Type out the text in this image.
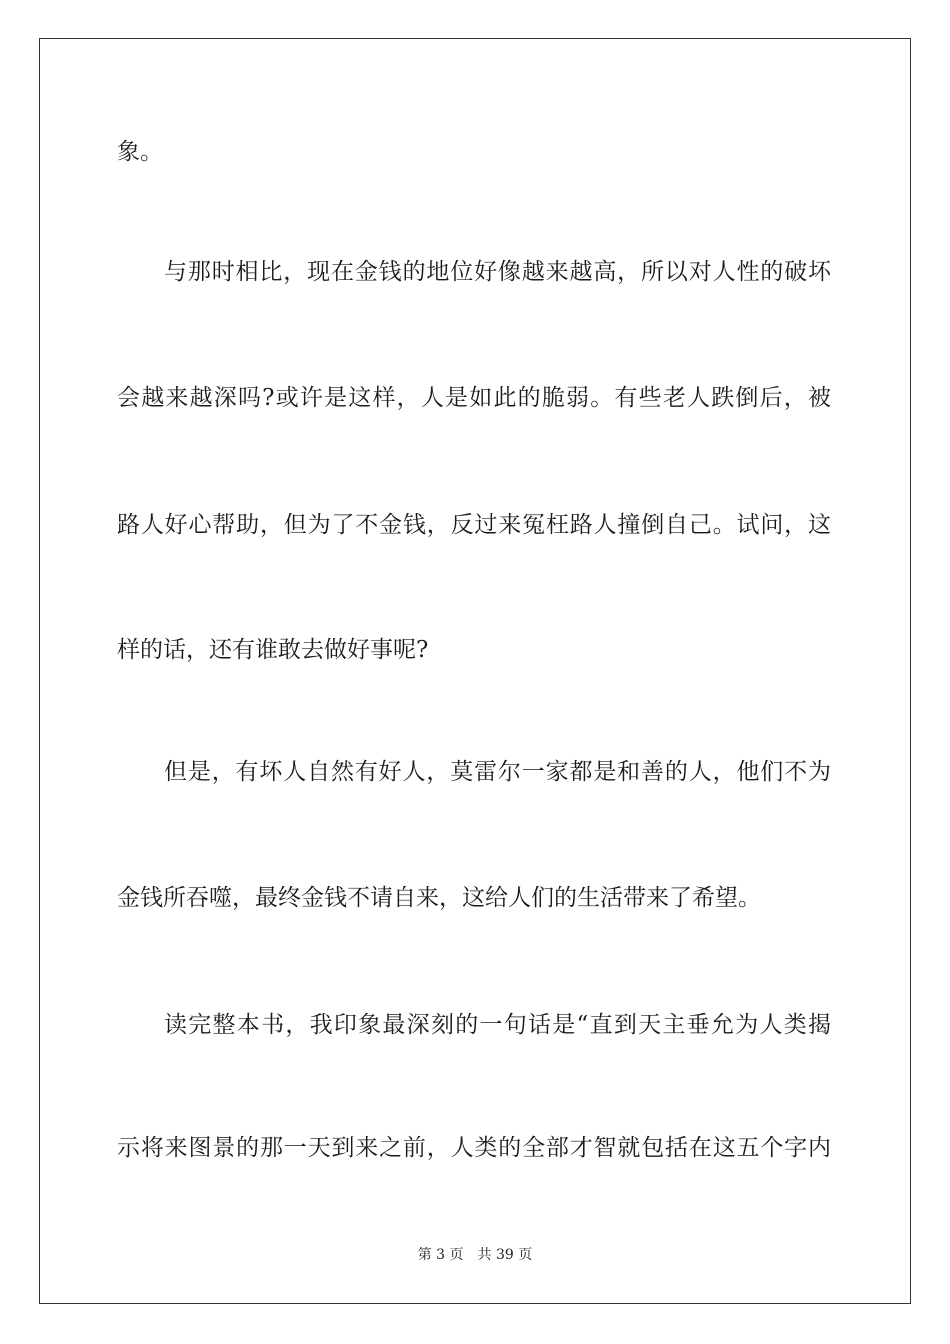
象。
与那时相比，现在金钱的地位好像越来越高，所以对人性的破坏
会越来越深吗?或许是这样，人是如此的脆弱。有些老人跌倒后，被
路人好心帮助，但为了不金钱，反过来冤枉路人撞倒自己。试问，这
样的话，还有谁敢去做好事呢?
但是，有坏人自然有好人，莫雷尔一家都是和善的人，他们不为
金钱所吞噬，最终金钱不请自来，这给人们的生活带来了希望。
读完整本书，我印象最深刻的一句话是“直到天主垂允为人类揭
示将来图景的那一天到来之前，人类的全部才智就包括在这五个字内
第 3 页 共 39 页
